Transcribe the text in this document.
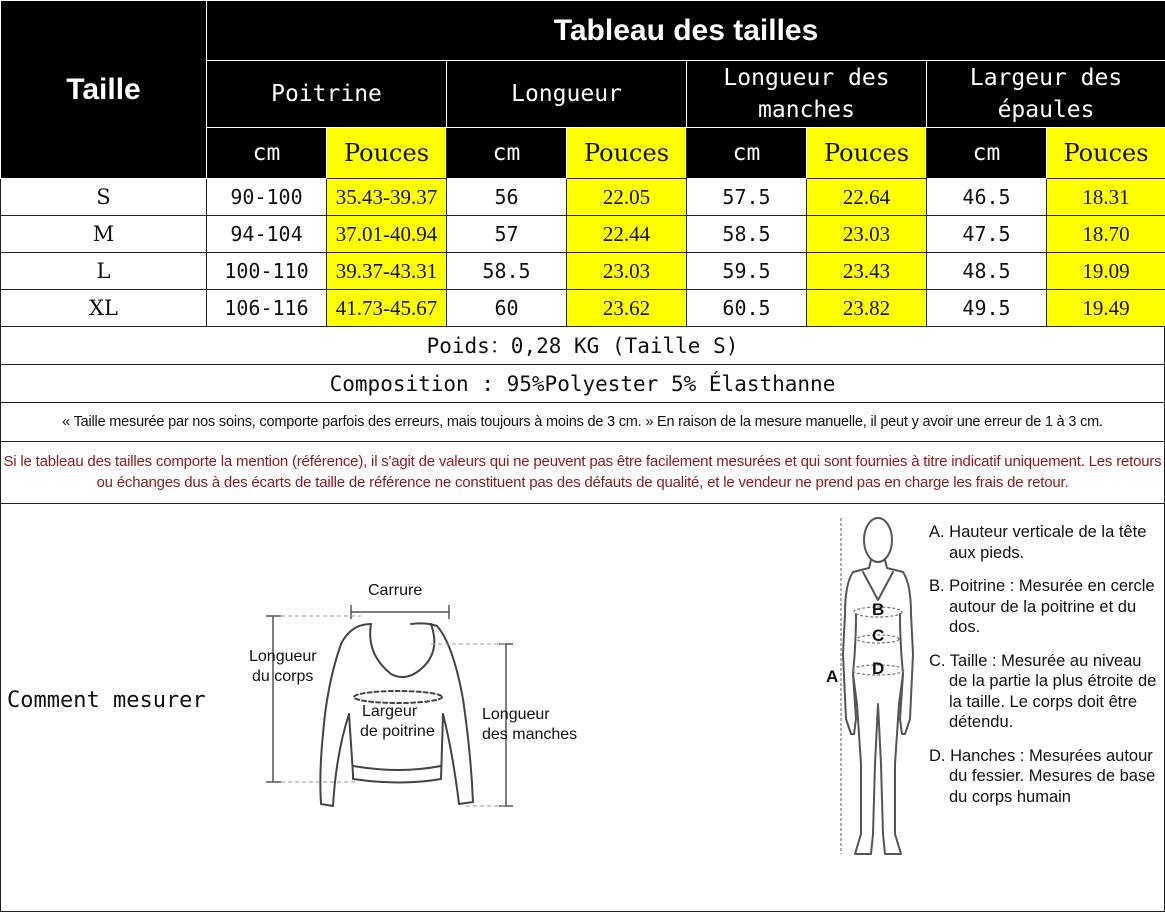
Taille	Tableau des tailles							
	Poitrine		Longueur		Longueur des manches		Largeur des épaules	
	cm	Pouces	cm	Pouces	cm	Pouces	cm	Pouces
S	90-100	35.43-39.37	56	22.05	57.5	22.64	46.5	18.31
M	94-104	37.01-40.94	57	22.44	58.5	23.03	47.5	18.70
L	100-110	39.37-43.31	58.5	23.03	59.5	23.43	48.5	19.09
XL	106-116	41.73-45.67	60	23.62	60.5	23.82	49.5	19.49
Poids：0,28 KG (Taille S)
Composition : 95%Polyester 5% Élasthanne
« Taille mesurée par nos soins, comporte parfois des erreurs, mais toujours à moins de 3 cm. » En raison de la mesure manuelle, il peut y avoir une erreur de 1 à 3 cm.
Si le tableau des tailles comporte la mention (référence), il s'agit de valeurs qui ne peuvent pas être facilement mesurées et qui sont fournies à titre indicatif uniquement. Les retours ou échanges dus à des écarts de taille de référence ne constituent pas des défauts de qualité, et le vendeur ne prend pas en charge les frais de retour.
Comment mesurer
Carrure
Longueur
du corps
Largeur
de poitrine
Longueur
des manches
A
B
C
D

A. Hauteur verticale de la tête aux pieds.

B. Poitrine : Mesurée en cercle autour de la poitrine et du dos.

C. Taille : Mesurée au niveau de la partie la plus étroite de la taille. Le corps doit être détendu.

D. Hanches : Mesurées autour du fessier. Mesures de base du corps humain
